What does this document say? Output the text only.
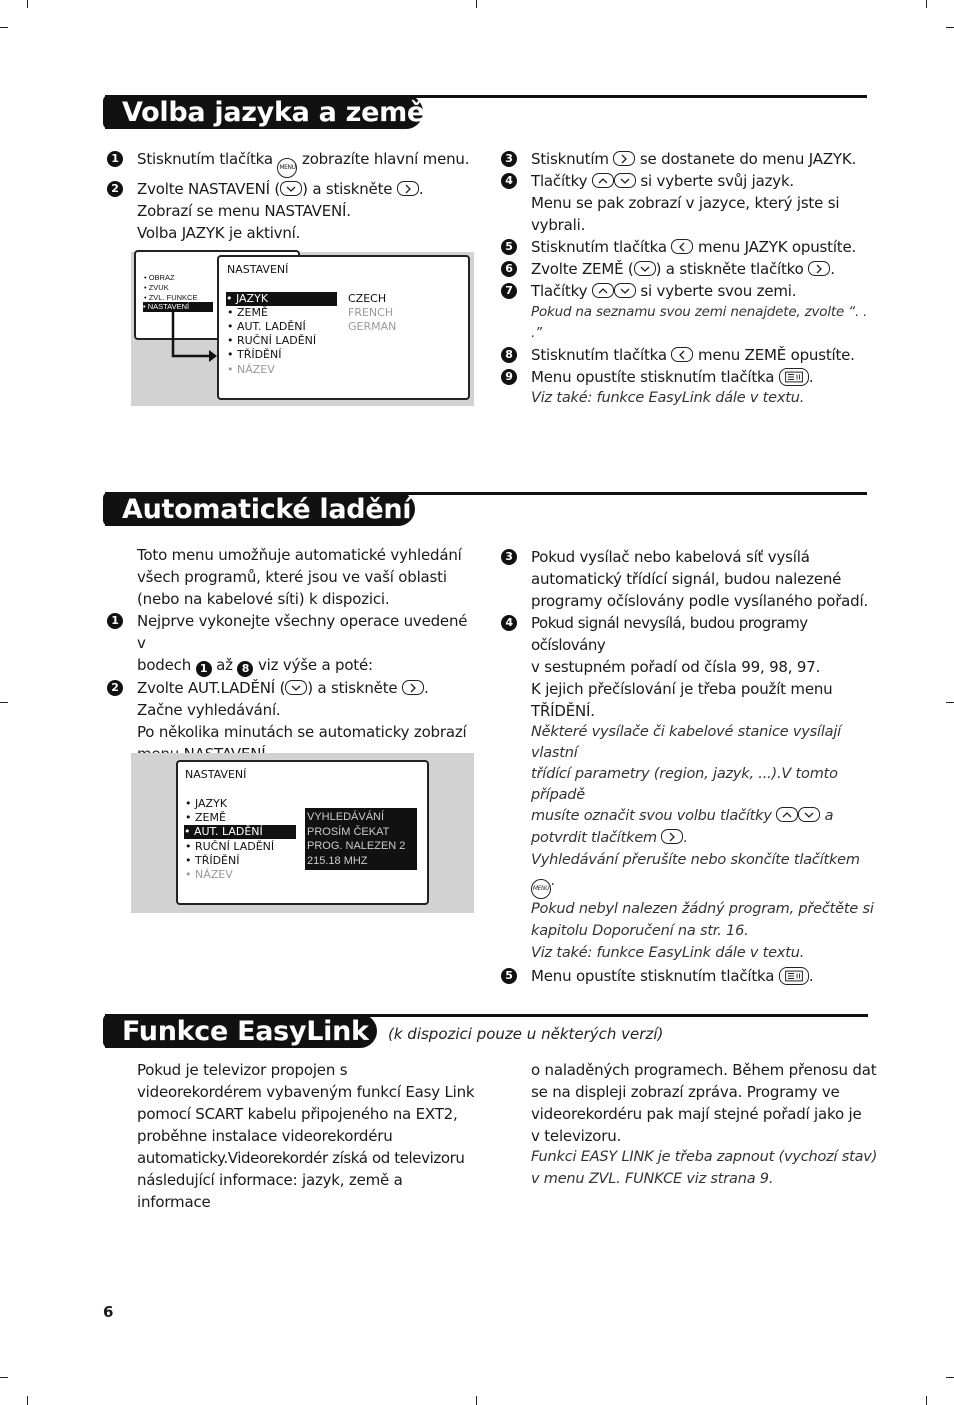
Volba jazyka a země
1 Stisknutím tlačítka MENU zobrazíte hlavní menu.
2 Zvolte NASTAVENÍ ( ) a stiskněte .
Zobrazí se menu NASTAVENÍ.
Volba JAZYK je aktivní.
• OBRAZ
• ZVUK
• ZVL. FUNKCE
• NASTAVENÍ
NASTAVENÍ
• JAZYK
• ZEMĚ
• AUT. LADĚNÍ
• RUČNÍ LADĚNÍ
• TŘÍDĚNÍ
• NÁZEV
CZECH
FRENCH
GERMAN
3 Stisknutím se dostanete do menu JAZYK.
4 Tlačítky	si vyberte svůj jazyk.
Menu se pak zobrazí v jazyce, který jste si
vybrali.
5 Stisknutím tlačítka menu JAZYK opustíte.
6 Zvolte ZEMĚ ( ) a stiskněte tlačítko .
7 Tlačítky	si vyberte svou zemi.
Pokud na seznamu svou zemi nenajdete, zvolte “. . .”
8 Stisknutím tlačítka menu ZEMĚ opustíte.
9 Menu opustíte stisknutím tlačítka .
Viz také: funkce EasyLink dále v textu.
Automatické ladění
Toto menu umožňuje automatické vyhledání
všech programů, které jsou ve vaší oblasti
(nebo na kabelové síti) k dispozici.
1 Nejprve vykonejte všechny operace uvedené v
bodech 1 až 8 viz výše a poté:
2 Zvolte AUT.LADĚNÍ ( ) a stiskněte .
Začne vyhledávání.
Po několika minutách se automaticky zobrazí
NASTAVENÍ
• JAZYK
• ZEMĚ
• AUT. LADĚNÍ
• RUČNÍ LADĚNÍ
• TŘÍDĚNÍ
• NÁZEV
VYHLEDÁVÁNÍ
PROSÍM ČEKAT
PROG. NALEZEN 2
215.18 MHZ
3 Pokud vysílač nebo kabelová síť vysílá
automatický třídící signál, budou nalezené
programy očíslovány podle vysílaného pořadí.
4 Pokud signál nevysílá, budou programy očíslovány
v sestupném pořadí od čísla 99, 98, 97.
K jejich přečíslování je třeba použít menu
TŘÍDĚNÍ.
Některé vysílače či kabelové stanice vysílají vlastní
třídící parametry (region, jazyk, ...).V tomto případě
musíte označit svou volbu tlačítky	a
potvrdit tlačítkem .
Vyhledávání přerušíte nebo skončíte tlačítkem MENU .
Pokud nebyl nalezen žádný program, přečtěte si
kapitolu Doporučení na str. 16.
Viz také: funkce EasyLink dále v textu.
5 Menu opustíte stisknutím tlačítka .
Funkce EasyLink	(k dispozici pouze u některých verzí)
Pokud je televizor propojen s
videorekordérem vybaveným funkcí Easy Link
pomocí SCART kabelu připojeného na EXT2,
proběhne instalace videorekordéru
automaticky.Videorekordér získá od televizoru
následující informace: jazyk, země a informace
o naladěných programech. Během přenosu dat
se na displeji zobrazí zpráva. Programy ve
videorekordéru pak mají stejné pořadí jako je
v televizoru.
Funkci EASY LINK je třeba zapnout (vychozí stav)
v menu ZVL. FUNKCE viz strana 9.
6
